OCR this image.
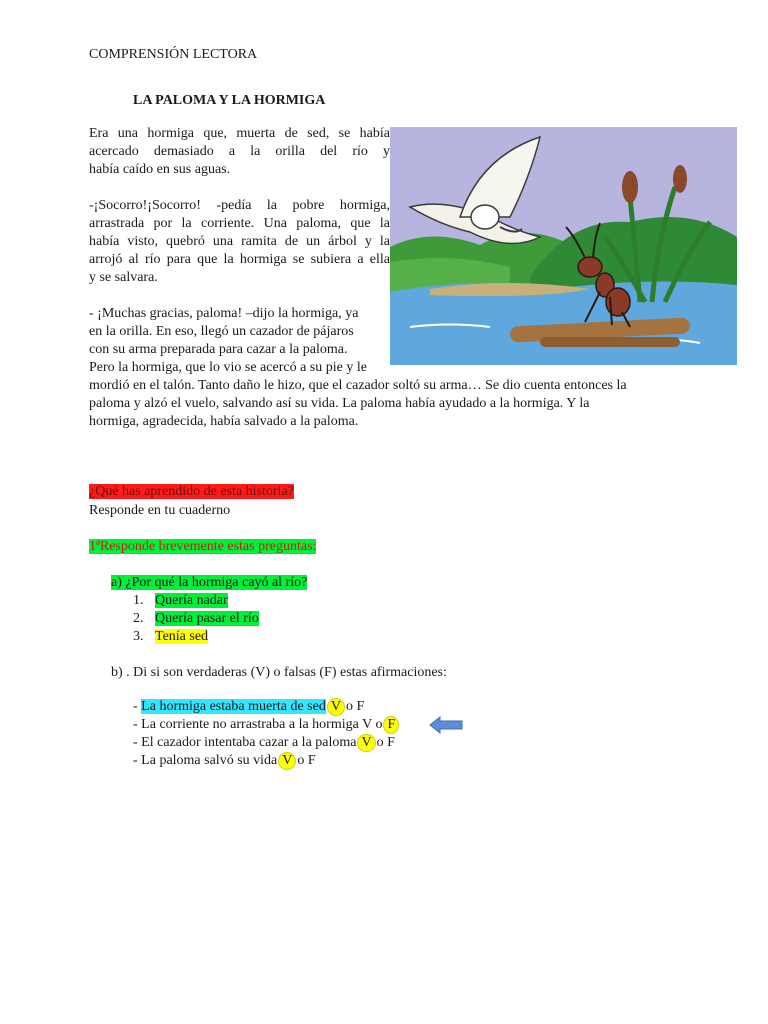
COMPRENSIÓN LECTORA
LA PALOMA Y LA HORMIGA
Era una hormiga que, muerta de sed, se había
acercado demasiado a la orilla del río y
había caído en sus aguas.
-¡Socorro!¡Socorro! -pedía la pobre hormiga,
arrastrada por la corriente. Una paloma, que la
había visto, quebró una ramita de un árbol y la
arrojó al río para que la hormiga se subiera a ella
y se salvara.
- ¡Muchas gracias, paloma! –dijo la hormiga, ya
en la orilla. En eso, llegó un cazador de pájaros
con su arma preparada para cazar a la paloma.
Pero la hormiga, que lo vio se acercó a su pie y le
mordió en el talón. Tanto daño le hizo, que el cazador soltó su arma… Se dio cuenta entonces la
paloma y alzó el vuelo, salvando así su vida. La paloma había ayudado a la hormiga. Y la
hormiga, agradecida, había salvado a la paloma.
¿Qué has aprendido de esta historia?
Responde en tu cuaderno
1ªResponde brevemente estas preguntas:
a) ¿Por qué la hormiga cayó al río?
1. Quería nadar
2. Quería pasar el río
3. Tenía sed
b) . Di si son verdaderas (V) o falsas (F) estas afirmaciones:
- La hormiga estaba muerta de sed V o F
- La corriente no arrastraba a la hormiga V o F
- El cazador intentaba cazar a la paloma V o F
- La paloma salvó su vida V o F
